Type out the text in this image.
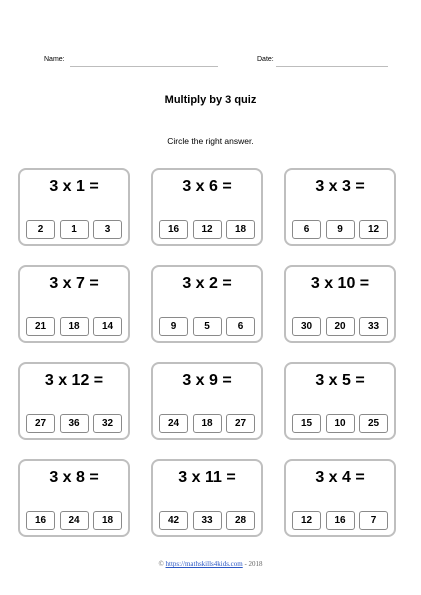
Name:	Date:
Multiply by 3 quiz
Circle the right answer.
3 x 1 =
2	1	3
3 x 6 =
16	12	18
3 x 3 =
6	9	12
3 x 7 =
21	18	14
3 x 2 =
9	5	6
3 x 10 =
30	20	33
3 x 12 =
27	36	32
3 x 9 =
24	18	27
3 x 5 =
15	10	25
3 x 8 =
16	24	18
3 x 11 =
42	33	28
3 x 4 =
12	16	7
© https://mathskills4kids.com - 2018
